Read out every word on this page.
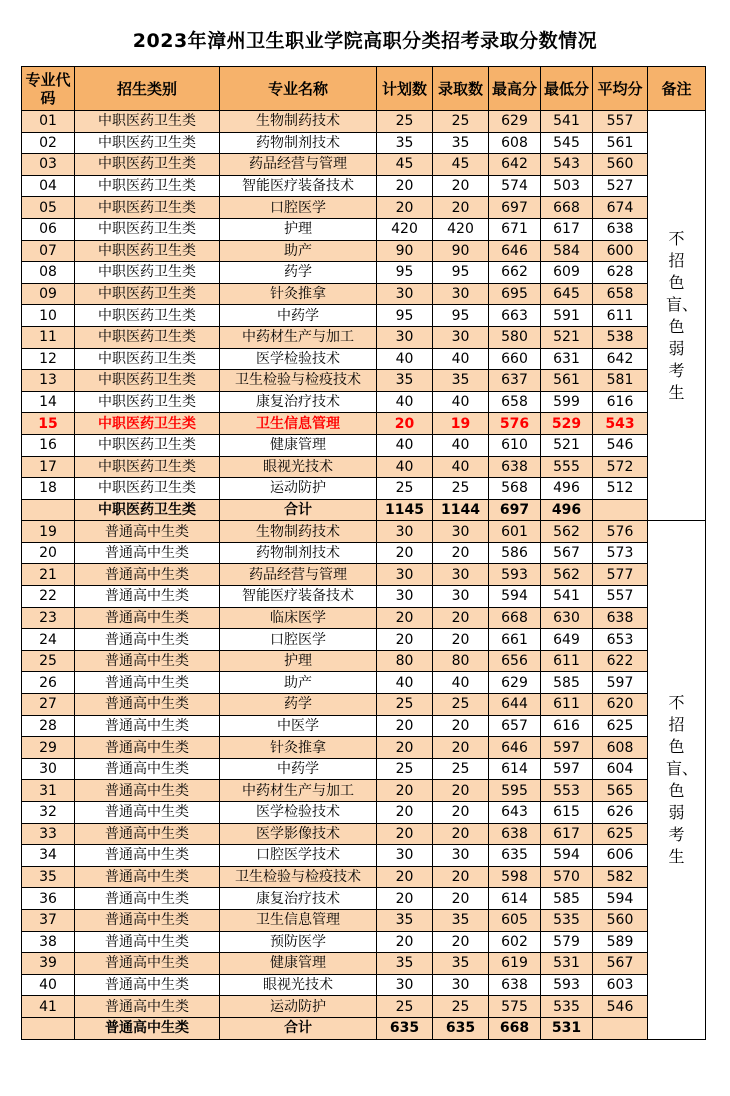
2023年漳州卫生职业学院高职分类招考录取分数情况
专业代码	招生类别	专业名称	计划数	录取数	最高分	最低分	平均分	备注
01	中职医药卫生类	生物制药技术	25	25	629	541	557	不招色盲、色弱考生
02	中职医药卫生类	药物制剂技术	35	35	608	545	561	
03	中职医药卫生类	药品经营与管理	45	45	642	543	560	
04	中职医药卫生类	智能医疗装备技术	20	20	574	503	527	
05	中职医药卫生类	口腔医学	20	20	697	668	674	
06	中职医药卫生类	护理	420	420	671	617	638	
07	中职医药卫生类	助产	90	90	646	584	600	
08	中职医药卫生类	药学	95	95	662	609	628	
09	中职医药卫生类	针灸推拿	30	30	695	645	658	
10	中职医药卫生类	中药学	95	95	663	591	611	
11	中职医药卫生类	中药材生产与加工	30	30	580	521	538	
12	中职医药卫生类	医学检验技术	40	40	660	631	642	
13	中职医药卫生类	卫生检验与检疫技术	35	35	637	561	581	
14	中职医药卫生类	康复治疗技术	40	40	658	599	616	
15	中职医药卫生类	卫生信息管理	20	19	576	529	543	
16	中职医药卫生类	健康管理	40	40	610	521	546	
17	中职医药卫生类	眼视光技术	40	40	638	555	572	
18	中职医药卫生类	运动防护	25	25	568	496	512	
	中职医药卫生类	合计	1145	1144	697	496		
19	普通高中生类	生物制药技术	30	30	601	562	576	不招色盲、色弱考生
20	普通高中生类	药物制剂技术	20	20	586	567	573	
21	普通高中生类	药品经营与管理	30	30	593	562	577	
22	普通高中生类	智能医疗装备技术	30	30	594	541	557	
23	普通高中生类	临床医学	20	20	668	630	638	
24	普通高中生类	口腔医学	20	20	661	649	653	
25	普通高中生类	护理	80	80	656	611	622	
26	普通高中生类	助产	40	40	629	585	597	
27	普通高中生类	药学	25	25	644	611	620	
28	普通高中生类	中医学	20	20	657	616	625	
29	普通高中生类	针灸推拿	20	20	646	597	608	
30	普通高中生类	中药学	25	25	614	597	604	
31	普通高中生类	中药材生产与加工	20	20	595	553	565	
32	普通高中生类	医学检验技术	20	20	643	615	626	
33	普通高中生类	医学影像技术	20	20	638	617	625	
34	普通高中生类	口腔医学技术	30	30	635	594	606	
35	普通高中生类	卫生检验与检疫技术	20	20	598	570	582	
36	普通高中生类	康复治疗技术	20	20	614	585	594	
37	普通高中生类	卫生信息管理	35	35	605	535	560	
38	普通高中生类	预防医学	20	20	602	579	589	
39	普通高中生类	健康管理	35	35	619	531	567	
40	普通高中生类	眼视光技术	30	30	638	593	603	
41	普通高中生类	运动防护	25	25	575	535	546	
	普通高中生类	合计	635	635	668	531		
